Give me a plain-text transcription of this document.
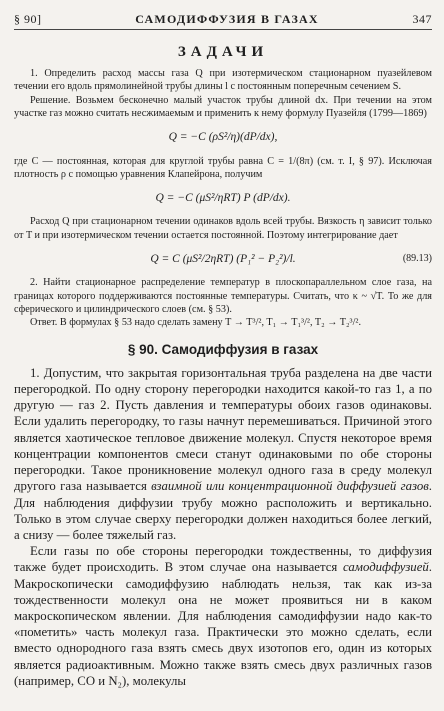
§ 90]	САМОДИФФУЗИЯ В ГАЗАХ	347
ЗАДАЧИ

1. Определить расход массы газа Q при изотермическом стационарном пуазейлевом течении его вдоль прямолинейной трубы длины l с постоянным поперечным сечением S.

Решение. Возьмем бесконечно малый участок трубы длиной dx. При течении на этом участке газ можно считать несжимаемым и применить к нему формулу Пуазейля (1799—1869)

Q = −C (ρS²/η)(dP/dx),

где C — постоянная, которая для круглой трубы равна C = 1/(8π) (см. т. I, § 97). Исключая плотность ρ с помощью уравнения Клапейрона, получим

Q = −C (μS²/ηRT) P (dP/dx).

Расход Q при стационарном течении одинаков вдоль всей трубы. Вязкость η зависит только от T и при изотермическом течении остается постоянной. Поэтому интегрирование дает

Q = C (μS²/2ηRT) (P₁² − P₂²)/l.	(89.13)

2. Найти стационарное распределение температур в плоскопараллельном слое газа, на границах которого поддерживаются постоянные температуры. Считать, что κ ~ √T. То же для сферического и цилиндрического слоев (см. § 53).

Ответ. В формулах § 53 надо сделать замену T → T³/², T₁ → T₁³/², T₂ → T₂³/².

§ 90. Самодиффузия в газах

1. Допустим, что закрытая горизонтальная труба разделена на две части перегородкой. По одну сторону перегородки находится какой-то газ 1, а по другую — газ 2. Пусть давления и температуры обоих газов одинаковы. Если удалить перегородку, то газы начнут перемешиваться. Причиной этого является хаотическое тепловое движение молекул. Спустя некоторое время концентрации компонентов смеси станут одинаковыми по обе стороны перегородки. Такое проникновение молекул одного газа в среду молекул другого газа называется взаимной или концентрационной диффузией газов. Для наблюдения диффузии трубу можно расположить и вертикально. Только в этом случае сверху перегородки должен находиться более легкий, а снизу — более тяжелый газ.

Если газы по обе стороны перегородки тождественны, то диффузия также будет происходить. В этом случае она называется самодиффузией. Макроскопически самодиффузию наблюдать нельзя, так как из-за тождественности молекул она не может проявиться ни в каком макроскопическом явлении. Для наблюдения самодиффузии надо как-то «пометить» часть молекул газа. Практически это можно сделать, если вместо однородного газа взять смесь двух изотопов его, один из которых является радиоактивным. Можно также взять смесь двух различных газов (например, CO и N₂), молекулы
